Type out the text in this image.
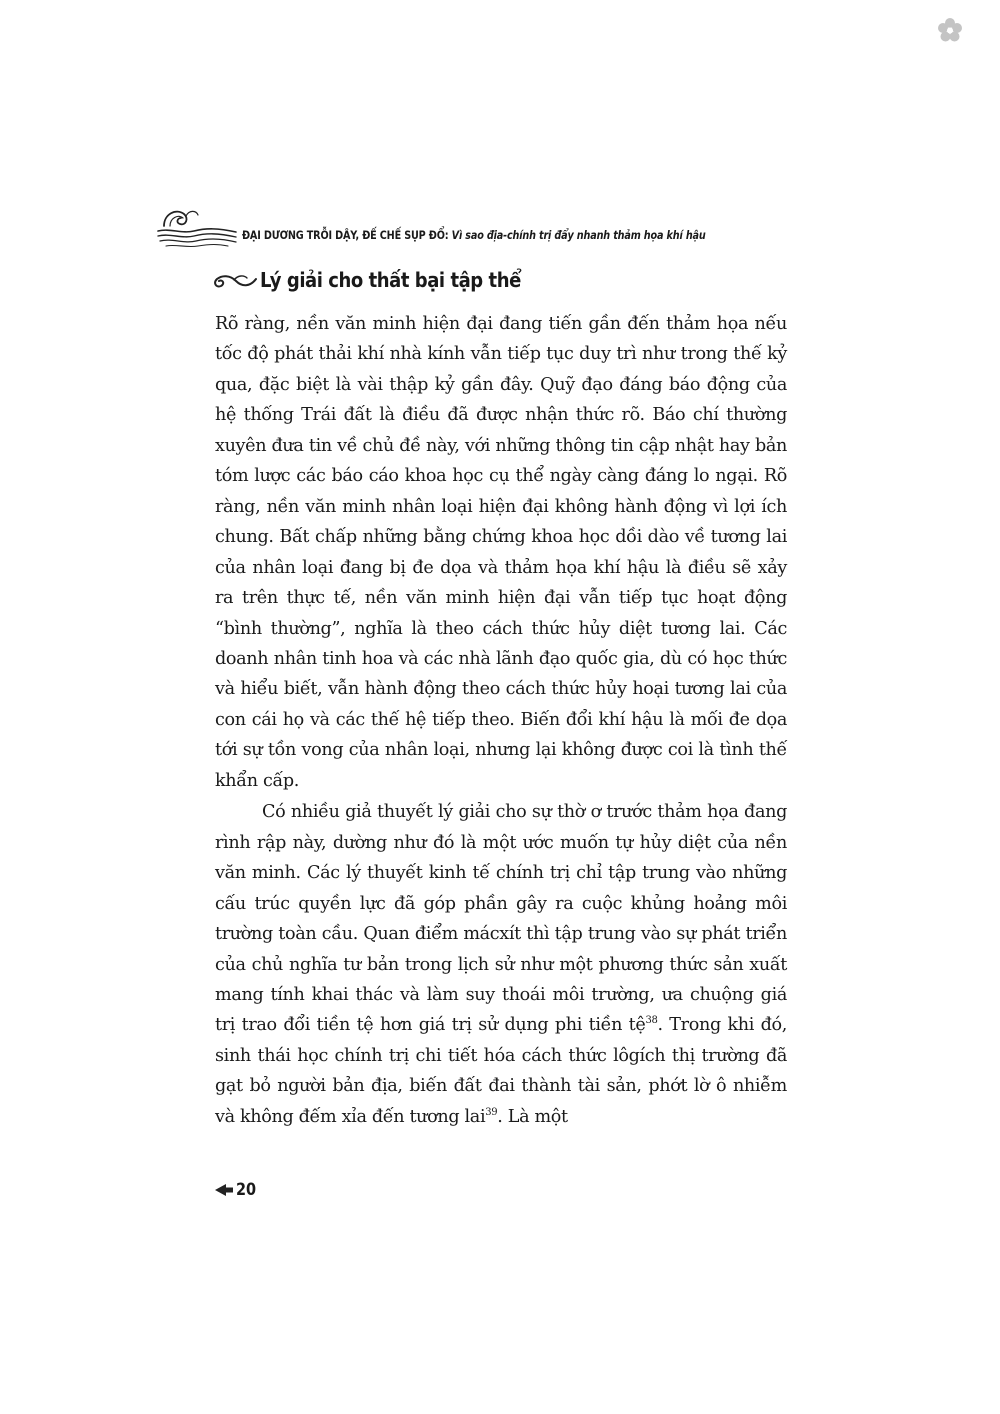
ĐẠI DƯƠNG TRỖI DẬY, ĐẾ CHẾ SỤP ĐỔ: Vì sao địa-chính trị đẩy nhanh thảm họa khí hậu
Lý giải cho thất bại tập thể

Rõ ràng, nền văn minh hiện đại đang tiến gần đến thảm họa nếu tốc độ phát thải khí nhà kính vẫn tiếp tục duy trì như trong thế kỷ qua, đặc biệt là vài thập kỷ gần đây. Quỹ đạo đáng báo động của hệ thống Trái đất là điều đã được nhận thức rõ. Báo chí thường xuyên đưa tin về chủ đề này, với những thông tin cập nhật hay bản tóm lược các báo cáo khoa học cụ thể ngày càng đáng lo ngại. Rõ ràng, nền văn minh nhân loại hiện đại không hành động vì lợi ích chung. Bất chấp những bằng chứng khoa học dồi dào về tương lai của nhân loại đang bị đe dọa và thảm họa khí hậu là điều sẽ xảy ra trên thực tế, nền văn minh hiện đại vẫn tiếp tục hoạt động “bình thường”, nghĩa là theo cách thức hủy diệt tương lai. Các doanh nhân tinh hoa và các nhà lãnh đạo quốc gia, dù có học thức và hiểu biết, vẫn hành động theo cách thức hủy hoại tương lai của con cái họ và các thế hệ tiếp theo. Biến đổi khí hậu là mối đe dọa tới sự tồn vong của nhân loại, nhưng lại không được coi là tình thế khẩn cấp.

Có nhiều giả thuyết lý giải cho sự thờ ơ trước thảm họa đang rình rập này, dường như đó là một ước muốn tự hủy diệt của nền văn minh. Các lý thuyết kinh tế chính trị chỉ tập trung vào những cấu trúc quyền lực đã góp phần gây ra cuộc khủng hoảng môi trường toàn cầu. Quan điểm mácxít thì tập trung vào sự phát triển của chủ nghĩa tư bản trong lịch sử như một phương thức sản xuất mang tính khai thác và làm suy thoái môi trường, ưa chuộng giá trị trao đổi tiền tệ hơn giá trị sử dụng phi tiền tệ$^{38}$. Trong khi đó, sinh thái học chính trị chi tiết hóa cách thức lôgích thị trường đã gạt bỏ người bản địa, biến đất đai thành tài sản, phớt lờ ô nhiễm và không đếm xỉa đến tương lai$^{39}$. Là một

20
